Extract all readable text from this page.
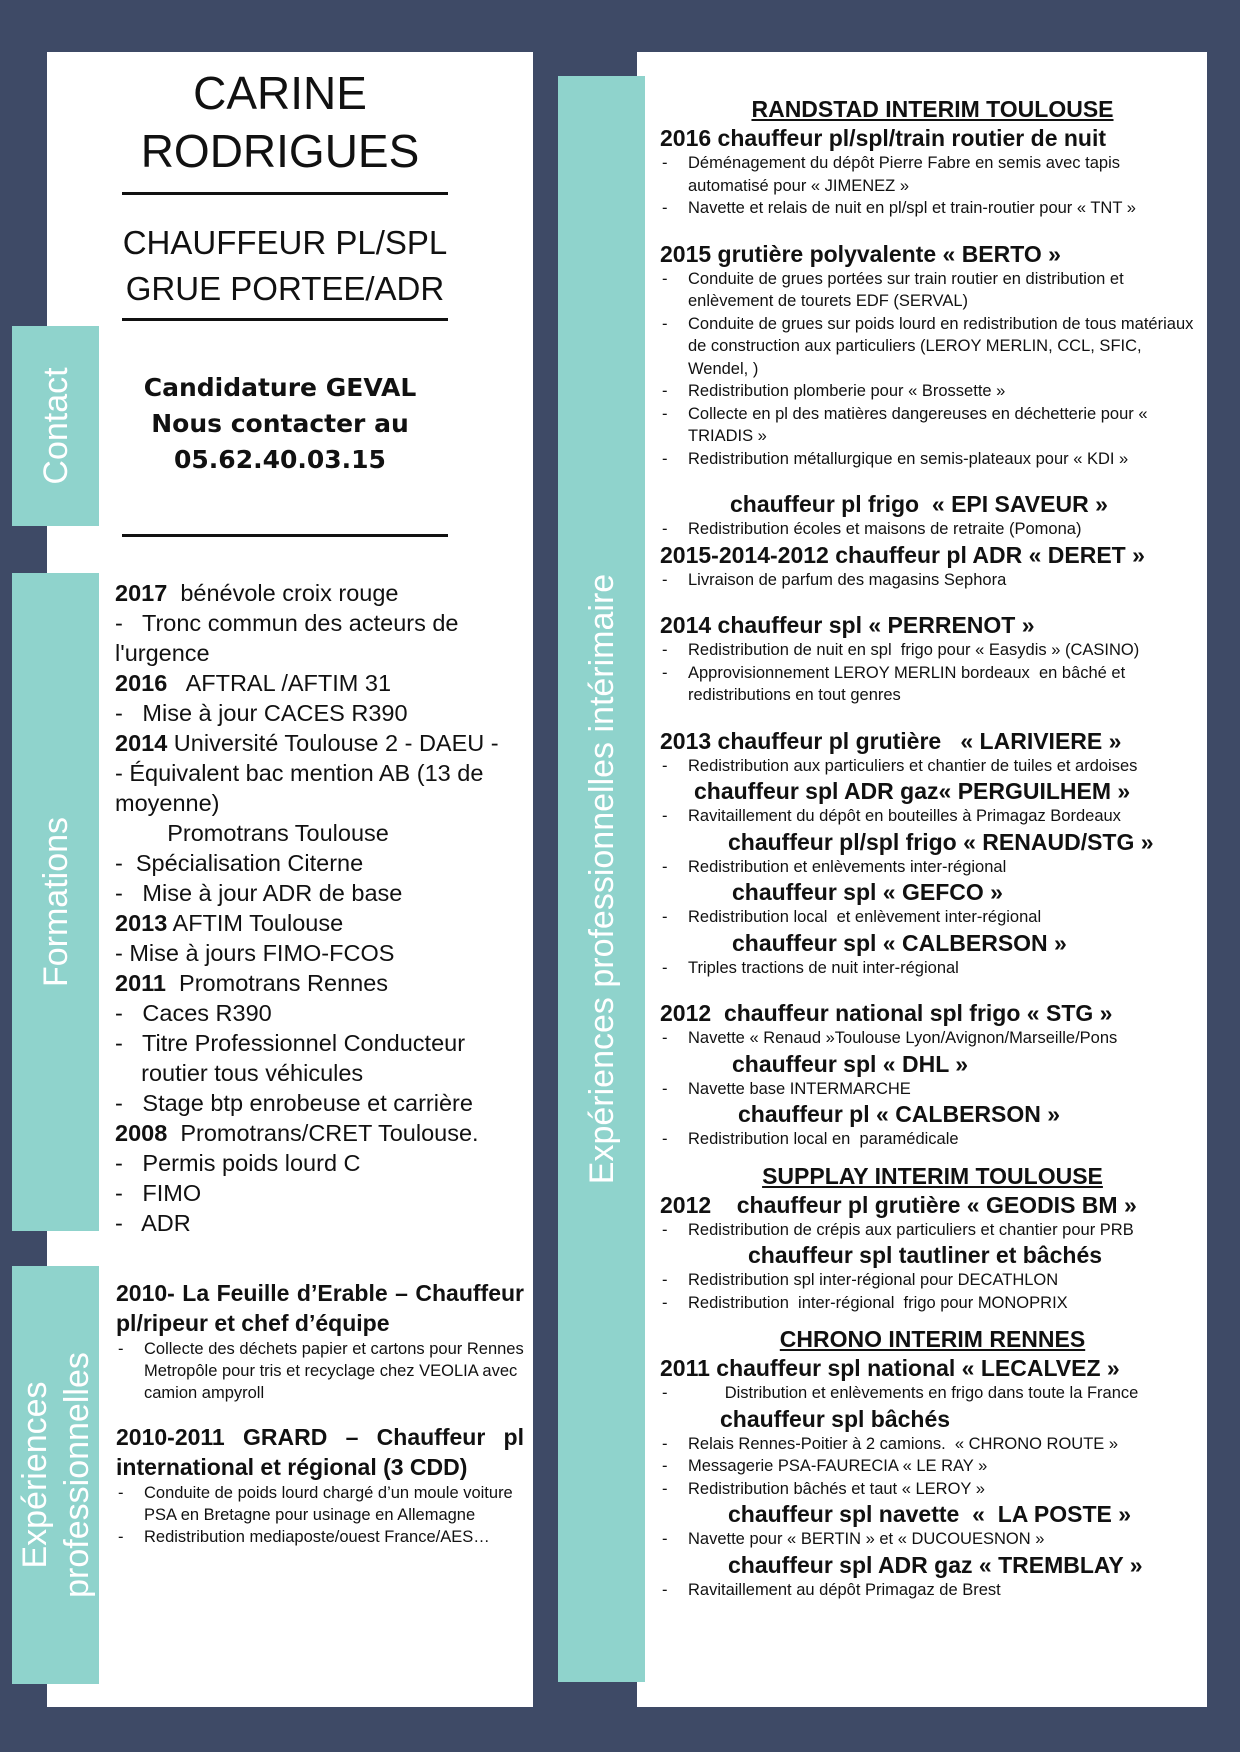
Contact
Formations
Expériences professionnelles
Expériences professionnelles intérimaire
CARINE
RODRIGUES
CHAUFFEUR PL/SPL
GRUE PORTEE/ADR
Candidature GEVAL
Nous contacter au
05.62.40.03.15
2017  bénévole croix rouge
-   Tronc commun des acteurs de
l'urgence
2016   AFTRAL /AFTIM 31
-   Mise à jour CACES R390
2014 Université Toulouse 2 - DAEU -
- Équivalent bac mention AB (13 de
moyenne)
Promotrans Toulouse
-  Spécialisation Citerne
-   Mise à jour ADR de base
2013 AFTIM Toulouse
- Mise à jours FIMO-FCOS
2011  Promotrans Rennes
-   Caces R390
-   Titre Professionnel Conducteur
routier tous véhicules
-   Stage btp enrobeuse et carrière
2008  Promotrans/CRET Toulouse.
-   Permis poids lourd C
-   FIMO
-   ADR
2010- La Feuille d’Erable – Chauffeur pl/ripeur et chef d’équipe
- Collecte des déchets papier et cartons pour Rennes Metropôle pour tris et recyclage chez VEOLIA avec camion ampyroll
2010-2011 GRARD – Chauffeur pl international et régional (3 CDD)
- Conduite de poids lourd chargé d’un moule voiture PSA en Bretagne pour usinage en Allemagne
- Redistribution mediaposte/ouest France/AES…
RANDSTAD INTERIM TOULOUSE
2016 chauffeur pl/spl/train routier de nuit
- Déménagement du dépôt Pierre Fabre en semis avec tapis automatisé pour « JIMENEZ »
- Navette et relais de nuit en pl/spl et train-routier pour « TNT »
2015 grutière polyvalente « BERTO »
- Conduite de grues portées sur train routier en distribution et enlèvement de tourets EDF (SERVAL)
- Conduite de grues sur poids lourd en redistribution de tous matériaux de construction aux particuliers (LEROY MERLIN, CCL, SFIC, Wendel, )
- Redistribution plomberie pour « Brossette »
- Collecte en pl des matières dangereuses en déchetterie pour « TRIADIS »
- Redistribution métallurgique en semis-plateaux pour « KDI »
chauffeur pl frigo  « EPI SAVEUR »
- Redistribution écoles et maisons de retraite (Pomona)
2015-2014-2012 chauffeur pl ADR « DERET »
- Livraison de parfum des magasins Sephora
2014 chauffeur spl « PERRENOT »
- Redistribution de nuit en spl  frigo pour « Easydis » (CASINO)
- Approvisionnement LEROY MERLIN bordeaux  en bâché et redistributions en tout genres
2013 chauffeur pl grutière   « LARIVIERE »
- Redistribution aux particuliers et chantier de tuiles et ardoises
chauffeur spl ADR gaz« PERGUILHEM »
- Ravitaillement du dépôt en bouteilles à Primagaz Bordeaux
chauffeur pl/spl frigo « RENAUD/STG »
- Redistribution et enlèvements inter-régional
chauffeur spl « GEFCO »
- Redistribution local  et enlèvement inter-régional
chauffeur spl « CALBERSON »
- Triples tractions de nuit inter-régional
2012  chauffeur national spl frigo « STG »
- Navette « Renaud »Toulouse Lyon/Avignon/Marseille/Pons
chauffeur spl « DHL »
- Navette base INTERMARCHE
chauffeur pl « CALBERSON »
- Redistribution local en  paramédicale
SUPPLAY INTERIM TOULOUSE
2012    chauffeur pl grutière « GEODIS BM »
- Redistribution de crépis aux particuliers et chantier pour PRB
chauffeur spl tautliner et bâchés
- Redistribution spl inter-régional pour DECATHLON
- Redistribution  inter-régional  frigo pour MONOPRIX
CHRONO INTERIM RENNES
2011 chauffeur spl national « LECALVEZ »
-         Distribution et enlèvements en frigo dans toute la France
chauffeur spl bâchés
- Relais Rennes-Poitier à 2 camions.  « CHRONO ROUTE »
- Messagerie PSA-FAURECIA « LE RAY »
- Redistribution bâchés et taut « LEROY »
chauffeur spl navette  «  LA POSTE »
- Navette pour « BERTIN » et « DUCOUESNON »
chauffeur spl ADR gaz « TREMBLAY »
- Ravitaillement au dépôt Primagaz de Brest
